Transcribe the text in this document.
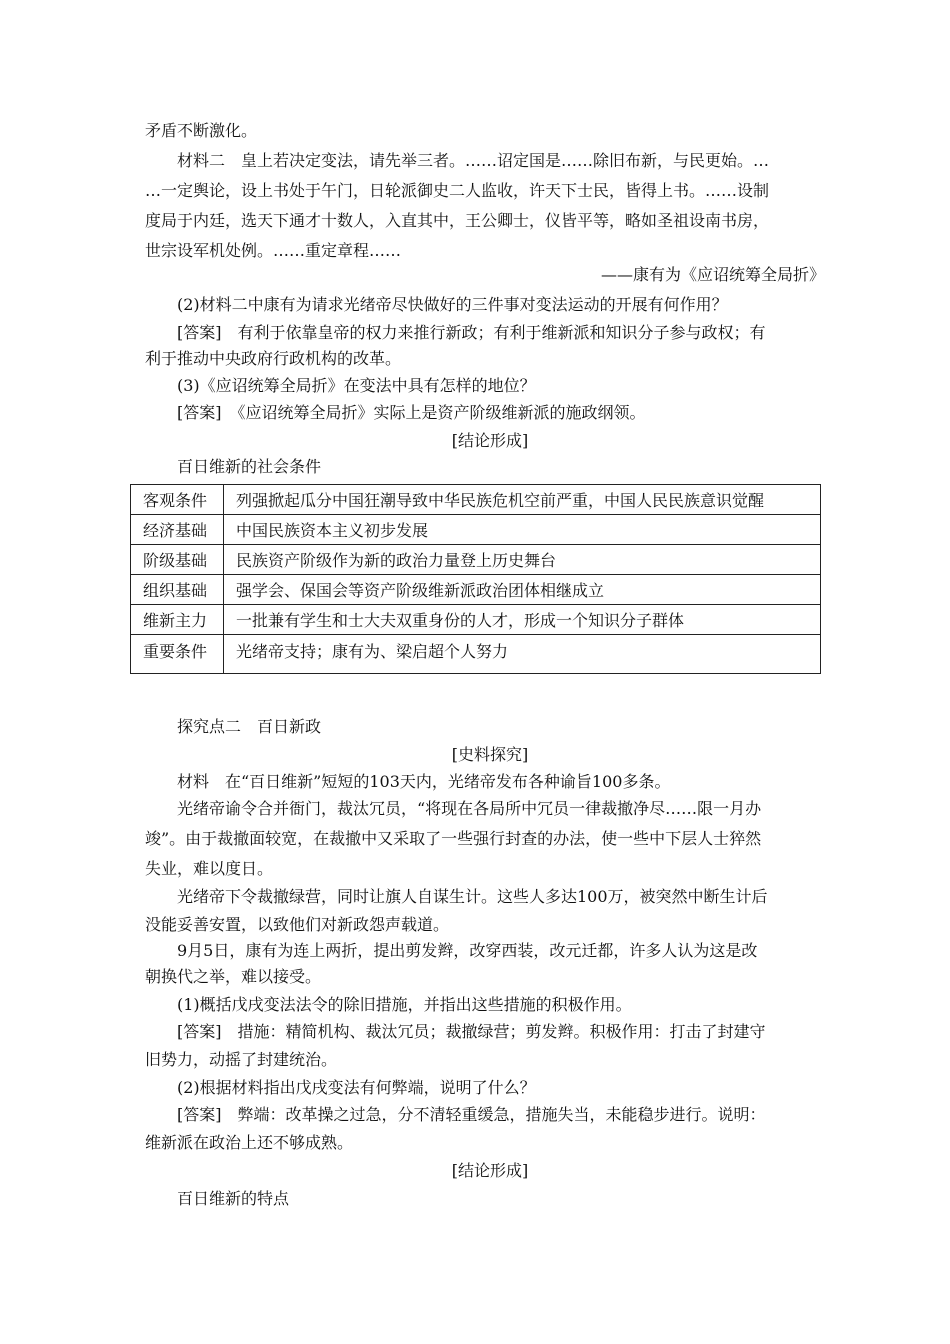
矛盾不断激化。
材料二　皇上若决定变法，请先举三者。……诏定国是……除旧布新，与民更始。…
…一定舆论，设上书处于午门，日轮派御史二人监收，许天下士民，皆得上书。……设制
度局于内廷，选天下通才十数人，入直其中，王公卿士，仪皆平等，略如圣祖设南书房，
世宗设军机处例。……重定章程……
——康有为《应诏统筹全局折》
(2)材料二中康有为请求光绪帝尽快做好的三件事对变法运动的开展有何作用？
[答案]　有利于依靠皇帝的权力来推行新政；有利于维新派和知识分子参与政权；有
利于推动中央政府行政机构的改革。
(3)《应诏统筹全局折》在变法中具有怎样的地位？
[答案]　《应诏统筹全局折》实际上是资产阶级维新派的施政纲领。
[结论形成]
百日维新的社会条件
客观条件	列强掀起瓜分中国狂潮导致中华民族危机空前严重，中国人民民族意识觉醒
经济基础	中国民族资本主义初步发展
阶级基础	民族资产阶级作为新的政治力量登上历史舞台
组织基础	强学会、保国会等资产阶级维新派政治团体相继成立
维新主力	一批兼有学生和士大夫双重身份的人才，形成一个知识分子群体
重要条件	光绪帝支持；康有为、梁启超个人努力
探究点二　百日新政
[史料探究]
材料　在“百日维新”短短的103天内，光绪帝发布各种谕旨100多条。
光绪帝谕令合并衙门，裁汰冗员，“将现在各局所中冗员一律裁撤净尽……限一月办
竣”。由于裁撤面较宽，在裁撤中又采取了一些强行封查的办法，使一些中下层人士猝然
失业，难以度日。
光绪帝下令裁撤绿营，同时让旗人自谋生计。这些人多达100万，被突然中断生计后
没能妥善安置，以致他们对新政怨声载道。
9月5日，康有为连上两折，提出剪发辫，改穿西装，改元迁都，许多人认为这是改
朝换代之举，难以接受。
(1)概括戊戌变法法令的除旧措施，并指出这些措施的积极作用。
[答案]　措施：精简机构、裁汰冗员；裁撤绿营；剪发辫。积极作用：打击了封建守
旧势力，动摇了封建统治。
(2)根据材料指出戊戌变法有何弊端，说明了什么？
[答案]　弊端：改革操之过急，分不清轻重缓急，措施失当，未能稳步进行。说明：
维新派在政治上还不够成熟。
[结论形成]
百日维新的特点
